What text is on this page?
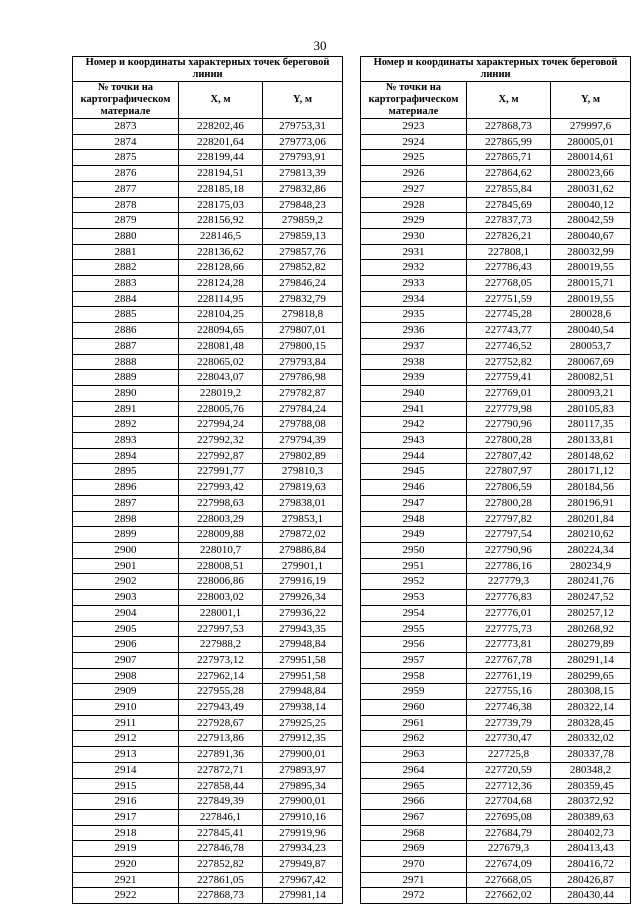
30
Номер и координаты характерных точек береговой линии		
№ точки на картографическом материале	X, м	Y, м
2873	228202,46	279753,31
2874	228201,64	279773,06
2875	228199,44	279793,91
2876	228194,51	279813,39
2877	228185,18	279832,86
2878	228175,03	279848,23
2879	228156,92	279859,2
2880	228146,5	279859,13
2881	228136,62	279857,76
2882	228128,66	279852,82
2883	228124,28	279846,24
2884	228114,95	279832,79
2885	228104,25	279818,8
2886	228094,65	279807,01
2887	228081,48	279800,15
2888	228065,02	279793,84
2889	228043,07	279786,98
2890	228019,2	279782,87
2891	228005,76	279784,24
2892	227994,24	279788,08
2893	227992,32	279794,39
2894	227992,87	279802,89
2895	227991,77	279810,3
2896	227993,42	279819,63
2897	227998,63	279838,01
2898	228003,29	279853,1
2899	228009,88	279872,02
2900	228010,7	279886,84
2901	228008,51	279901,1
2902	228006,86	279916,19
2903	228003,02	279926,34
2904	228001,1	279936,22
2905	227997,53	279943,35
2906	227988,2	279948,84
2907	227973,12	279951,58
2908	227962,14	279951,58
2909	227955,28	279948,84
2910	227943,49	279938,14
2911	227928,67	279925,25
2912	227913,86	279912,35
2913	227891,36	279900,01
2914	227872,71	279893,97
2915	227858,44	279895,34
2916	227849,39	279900,01
2917	227846,1	279910,16
2918	227845,41	279919,96
2919	227846,78	279934,23
2920	227852,82	279949,87
2921	227861,05	279967,42
2922	227868,73	279981,14
Номер и координаты характерных точек береговой линии		
№ точки на картографическом материале	X, м	Y, м
2923	227868,73	279997,6
2924	227865,99	280005,01
2925	227865,71	280014,61
2926	227864,62	280023,66
2927	227855,84	280031,62
2928	227845,69	280040,12
2929	227837,73	280042,59
2930	227826,21	280040,67
2931	227808,1	280032,99
2932	227786,43	280019,55
2933	227768,05	280015,71
2934	227751,59	280019,55
2935	227745,28	280028,6
2936	227743,77	280040,54
2937	227746,52	280053,7
2938	227752,82	280067,69
2939	227759,41	280082,51
2940	227769,01	280093,21
2941	227779,98	280105,83
2942	227790,96	280117,35
2943	227800,28	280133,81
2944	227807,42	280148,62
2945	227807,97	280171,12
2946	227806,59	280184,56
2947	227800,28	280196,91
2948	227797,82	280201,84
2949	227797,54	280210,62
2950	227790,96	280224,34
2951	227786,16	280234,9
2952	227779,3	280241,76
2953	227776,83	280247,52
2954	227776,01	280257,12
2955	227775,73	280268,92
2956	227773,81	280279,89
2957	227767,78	280291,14
2958	227761,19	280299,65
2959	227755,16	280308,15
2960	227746,38	280322,14
2961	227739,79	280328,45
2962	227730,47	280332,02
2963	227725,8	280337,78
2964	227720,59	280348,2
2965	227712,36	280359,45
2966	227704,68	280372,92
2967	227695,08	280389,63
2968	227684,79	280402,73
2969	227679,3	280413,43
2970	227674,09	280416,72
2971	227668,05	280426,87
2972	227662,02	280430,44
